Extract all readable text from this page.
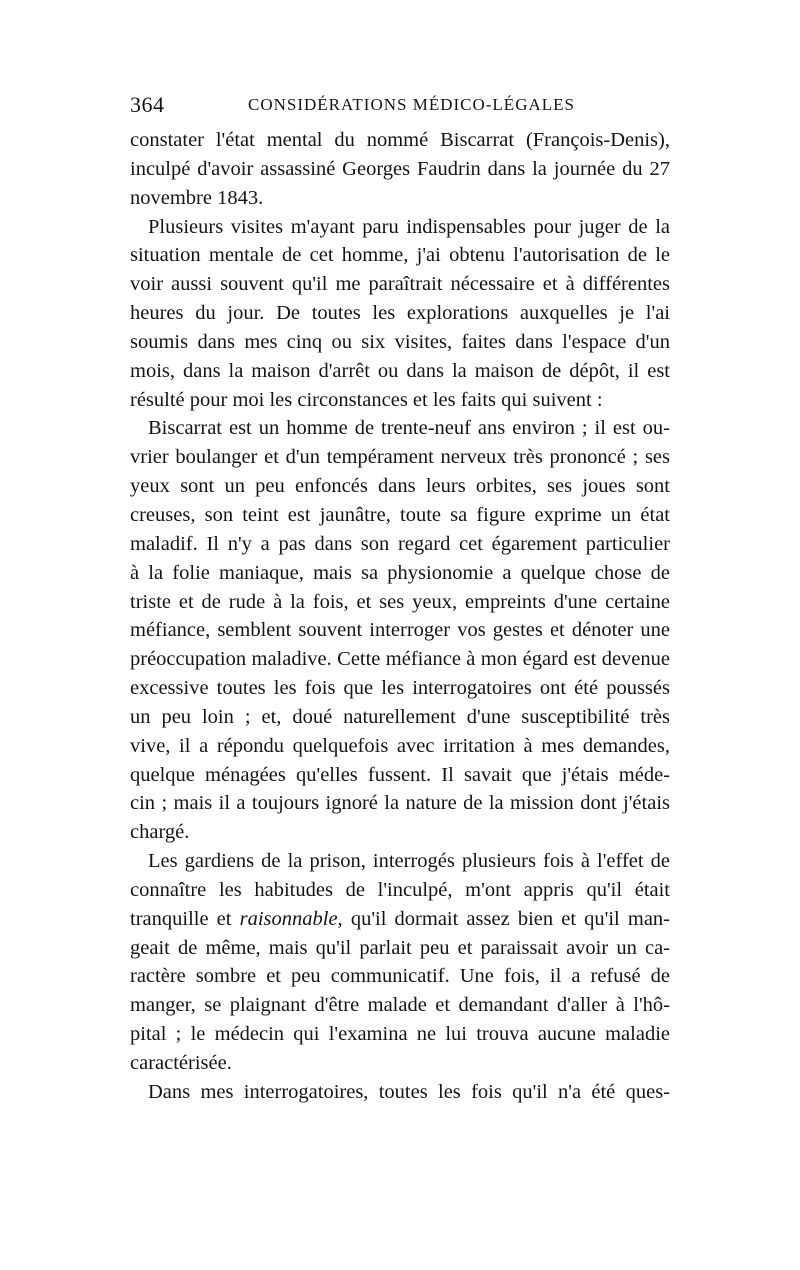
364	CONSIDÉRATIONS MÉDICO-LÉGALES
constater l'état mental du nommé Biscarrat (François-Denis),
inculpé d'avoir assassiné Georges Faudrin dans la journée du 27
novembre 1843.
Plusieurs visites m'ayant paru indispensables pour juger de la
situation mentale de cet homme, j'ai obtenu l'autorisation de le
voir aussi souvent qu'il me paraîtrait nécessaire et à différentes
heures du jour. De toutes les explorations auxquelles je l'ai
soumis dans mes cinq ou six visites, faites dans l'espace d'un
mois, dans la maison d'arrêt ou dans la maison de dépôt, il est
résulté pour moi les circonstances et les faits qui suivent :
Biscarrat est un homme de trente-neuf ans environ ; il est ou-
vrier boulanger et d'un tempérament nerveux très prononcé ; ses
yeux sont un peu enfoncés dans leurs orbites, ses joues sont
creuses, son teint est jaunâtre, toute sa figure exprime un état
maladif. Il n'y a pas dans son regard cet égarement particulier
à la folie maniaque, mais sa physionomie a quelque chose de
triste et de rude à la fois, et ses yeux, empreints d'une certaine
méfiance, semblent souvent interroger vos gestes et dénoter une
préoccupation maladive. Cette méfiance à mon égard est devenue
excessive toutes les fois que les interrogatoires ont été poussés
un peu loin ; et, doué naturellement d'une susceptibilité très
vive, il a répondu quelquefois avec irritation à mes demandes,
quelque ménagées qu'elles fussent. Il savait que j'étais méde-
cin ; mais il a toujours ignoré la nature de la mission dont j'étais
chargé.
Les gardiens de la prison, interrogés plusieurs fois à l'effet de
connaître les habitudes de l'inculpé, m'ont appris qu'il était
tranquille et raisonnable, qu'il dormait assez bien et qu'il man-
geait de même, mais qu'il parlait peu et paraissait avoir un ca-
ractère sombre et peu communicatif. Une fois, il a refusé de
manger, se plaignant d'être malade et demandant d'aller à l'hô-
pital ; le médecin qui l'examina ne lui trouva aucune maladie
caractérisée.
Dans mes interrogatoires, toutes les fois qu'il n'a été ques-
